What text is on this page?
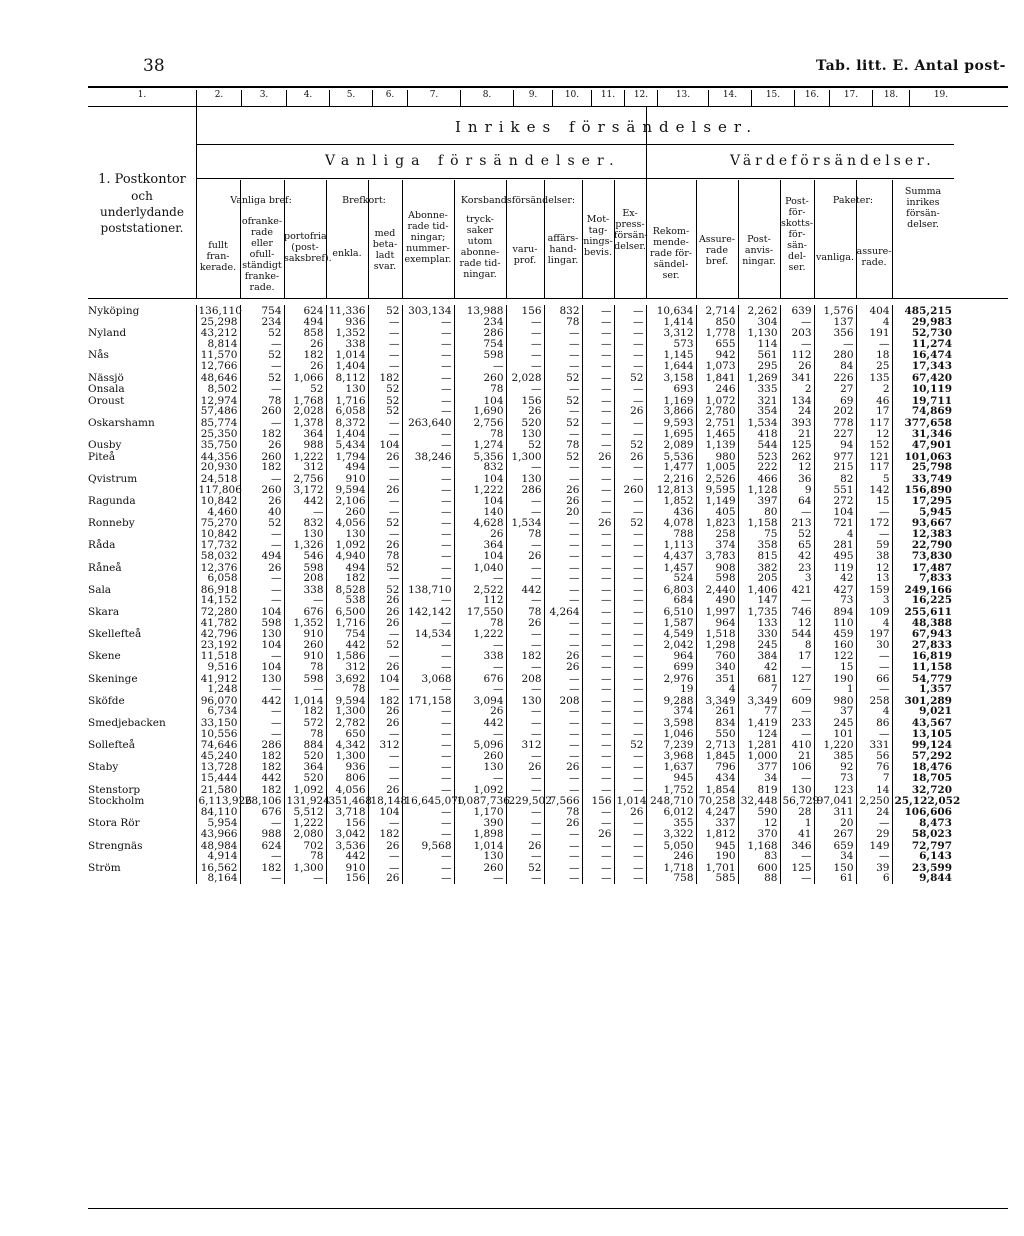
38	Tab. litt. E. Antal post-
1.	2.	3.	4.	5.	6.	7.	8.	9.	10.	11.	12.	13.	14.	15.	16.	17.	18.	19.
Inrikes försändelser.
Vanliga försändelser.	Värdeförsändelser.
1. Postkontor
och
underlydande
poststationer.
Vanliga bref:
fullt fran-
kerade.
ofranke-
rade eller
ofull-
ständigt
franke-
rade.
portofria
(post-
saksbref).
Brefkort:
enkla.
med
beta-
ladt
svar.
Abonne-
rade tid-
ningar;
nummer-
exemplar.
Korsbandsförsändelser:
tryck-
saker
utom
abonne-
rade tid-
ningar.
varu-
prof.
affärs-
hand-
lingar.
Mot-
tag-
nings-
bevis.
Ex-
press-
försän-
delser.
Rekom-
mende-
rade för-
sändel-
ser.
Assure-
rade
bref.
Post-
anvis-
ningar.
Post-
för-
skotts-
för-
sän-
del-
ser.
Paketer:
vanliga.
assure-
rade.
Summa
inrikes
försän-
delser.
Nyköping	136,110	754	624	11,336	52	303,134	13,988	156	832	—	—	10,634	2,714	2,262	639	1,576	404	485,215
	25,298	234	494	936	—	—	234	—	78	—	—	1,414	850	304	—	137	4	29,983
Nyland	43,212	52	858	1,352	—	—	286	—	—	—	—	3,312	1,778	1,130	203	356	191	52,730
	8,814	—	26	338	—	—	754	—	—	—	—	573	655	114	—	—	—	11,274
Nås	11,570	52	182	1,014	—	—	598	—	—	—	—	1,145	942	561	112	280	18	16,474
	12,766	—	26	1,404	—	—	—	—	—	—	—	1,644	1,073	295	26	84	25	17,343
Nässjö	48,646	52	1,066	8,112	182	—	260	2,028	52	—	52	3,158	1,841	1,269	341	226	135	67,420
Onsala	8,502	—	52	130	52	—	78	—	—	—	—	693	246	335	2	27	2	10,119
Oroust	12,974	78	1,768	1,716	52	—	104	156	52	—	—	1,169	1,072	321	134	69	46	19,711
	57,486	260	2,028	6,058	52	—	1,690	26	—	—	26	3,866	2,780	354	24	202	17	74,869
Oskarshamn	85,774	—	1,378	8,372	—	263,640	2,756	520	52	—	—	9,593	2,751	1,534	393	778	117	377,658
	25,350	182	364	1,404	—	—	78	130	—	—	—	1,695	1,465	418	21	227	12	31,346
Ousby	35,750	26	988	5,434	104	—	1,274	52	78	—	52	2,089	1,139	544	125	94	152	47,901
Piteå	44,356	260	1,222	1,794	26	38,246	5,356	1,300	52	26	26	5,536	980	523	262	977	121	101,063
	20,930	182	312	494	—	—	832	—	—	—	—	1,477	1,005	222	12	215	117	25,798
Qvistrum	24,518	—	2,756	910	—	—	104	130	—	—	—	2,216	2,526	466	36	82	5	33,749
	117,806	260	3,172	9,594	26	—	1,222	286	26	—	260	12,813	9,595	1,128	9	551	142	156,890
Ragunda	10,842	26	442	2,106	—	—	104	—	26	—	—	1,852	1,149	397	64	272	15	17,295
	4,460	40	—	260	—	—	140	—	20	—	—	436	405	80	—	104	—	5,945
Ronneby	75,270	52	832	4,056	52	—	4,628	1,534	—	26	52	4,078	1,823	1,158	213	721	172	93,667
	10,842	—	130	130	—	—	26	78	—	—	—	788	258	75	52	4	—	12,383
Råda	17,732	—	1,326	1,092	26	—	364	—	—	—	—	1,113	374	358	65	281	59	22,790
	58,032	494	546	4,940	78	—	104	26	—	—	—	4,437	3,783	815	42	495	38	73,830
Råneå	12,376	26	598	494	52	—	1,040	—	—	—	—	1,457	908	382	23	119	12	17,487
	6,058	—	208	182	—	—	—	—	—	—	—	524	598	205	3	42	13	7,833
Sala	86,918	—	338	8,528	52	138,710	2,522	442	—	—	—	6,803	2,440	1,406	421	427	159	249,166
	14,152	—	—	538	26	—	112	—	—	—	—	684	490	147	—	73	3	16,225
Skara	72,280	104	676	6,500	26	142,142	17,550	78	4,264	—	—	6,510	1,997	1,735	746	894	109	255,611
	41,782	598	1,352	1,716	26	—	78	26	—	—	—	1,587	964	133	12	110	4	48,388
Skellefteå	42,796	130	910	754	—	14,534	1,222	—	—	—	—	4,549	1,518	330	544	459	197	67,943
	23,192	104	260	442	52	—	—	—	—	—	—	2,042	1,298	245	8	160	30	27,833
Skene	11,518	—	910	1,586	—	—	338	182	26	—	—	964	760	384	17	122	—	16,819
	9,516	104	78	312	26	—	—	—	26	—	—	699	340	42	—	15	—	11,158
Skeninge	41,912	130	598	3,692	104	3,068	676	208	—	—	—	2,976	351	681	127	190	66	54,779
	1,248	—	—	78	—	—	—	—	—	—	—	19	4	7	—	1	—	1,357
Sköfde	96,070	442	1,014	9,594	182	171,158	3,094	130	208	—	—	9,288	3,349	3,349	609	980	258	301,289
	6,734	—	182	1,300	26	—	26	—	—	—	—	374	261	77	—	37	4	9,021
Smedjebacken	33,150	—	572	2,782	26	—	442	—	—	—	—	3,598	834	1,419	233	245	86	43,567
	10,556	—	78	650	—	—	—	—	—	—	—	1,046	550	124	—	101	—	13,105
Sollefteå	74,646	286	884	4,342	312	—	5,096	312	—	—	52	7,239	2,713	1,281	410	1,220	331	99,124
	45,240	182	520	1,300	—	—	260	—	—	—	—	3,968	1,845	1,000	21	385	56	57,292
Staby	13,728	182	364	936	—	—	130	26	26	—	—	1,637	796	377	106	92	76	18,476
	15,444	442	520	806	—	—	—	—	—	—	—	945	434	34	—	73	7	18,705
Stenstorp	21,580	182	1,092	4,056	26	—	1,092	—	—	—	—	1,752	1,854	819	130	123	14	32,720
Stockholm	6,113,926	28,106	131,924	351,468	18,148	16,645,070	1,087,736	229,502	7,566	156	1,014	248,710	70,258	32,448	56,729	97,041	2,250	25,122,052
	84,110	676	5,512	3,718	104	—	1,170	—	78	—	26	6,012	4,247	590	28	311	24	106,606
Stora Rör	5,954	—	1,222	156	—	—	390	—	26	—	—	355	337	12	1	20	—	8,473
	43,966	988	2,080	3,042	182	—	1,898	—	—	26	—	3,322	1,812	370	41	267	29	58,023
Strengnäs	48,984	624	702	3,536	26	9,568	1,014	26	—	—	—	5,050	945	1,168	346	659	149	72,797
	4,914	—	78	442	—	—	130	—	—	—	—	246	190	83	—	34	—	6,143
Ström	16,562	182	1,300	910	—	—	260	52	—	—	—	1,718	1,701	600	125	150	39	23,599
	8,164	—	—	156	26	—	—	—	—	—	—	758	585	88	—	61	6	9,844
